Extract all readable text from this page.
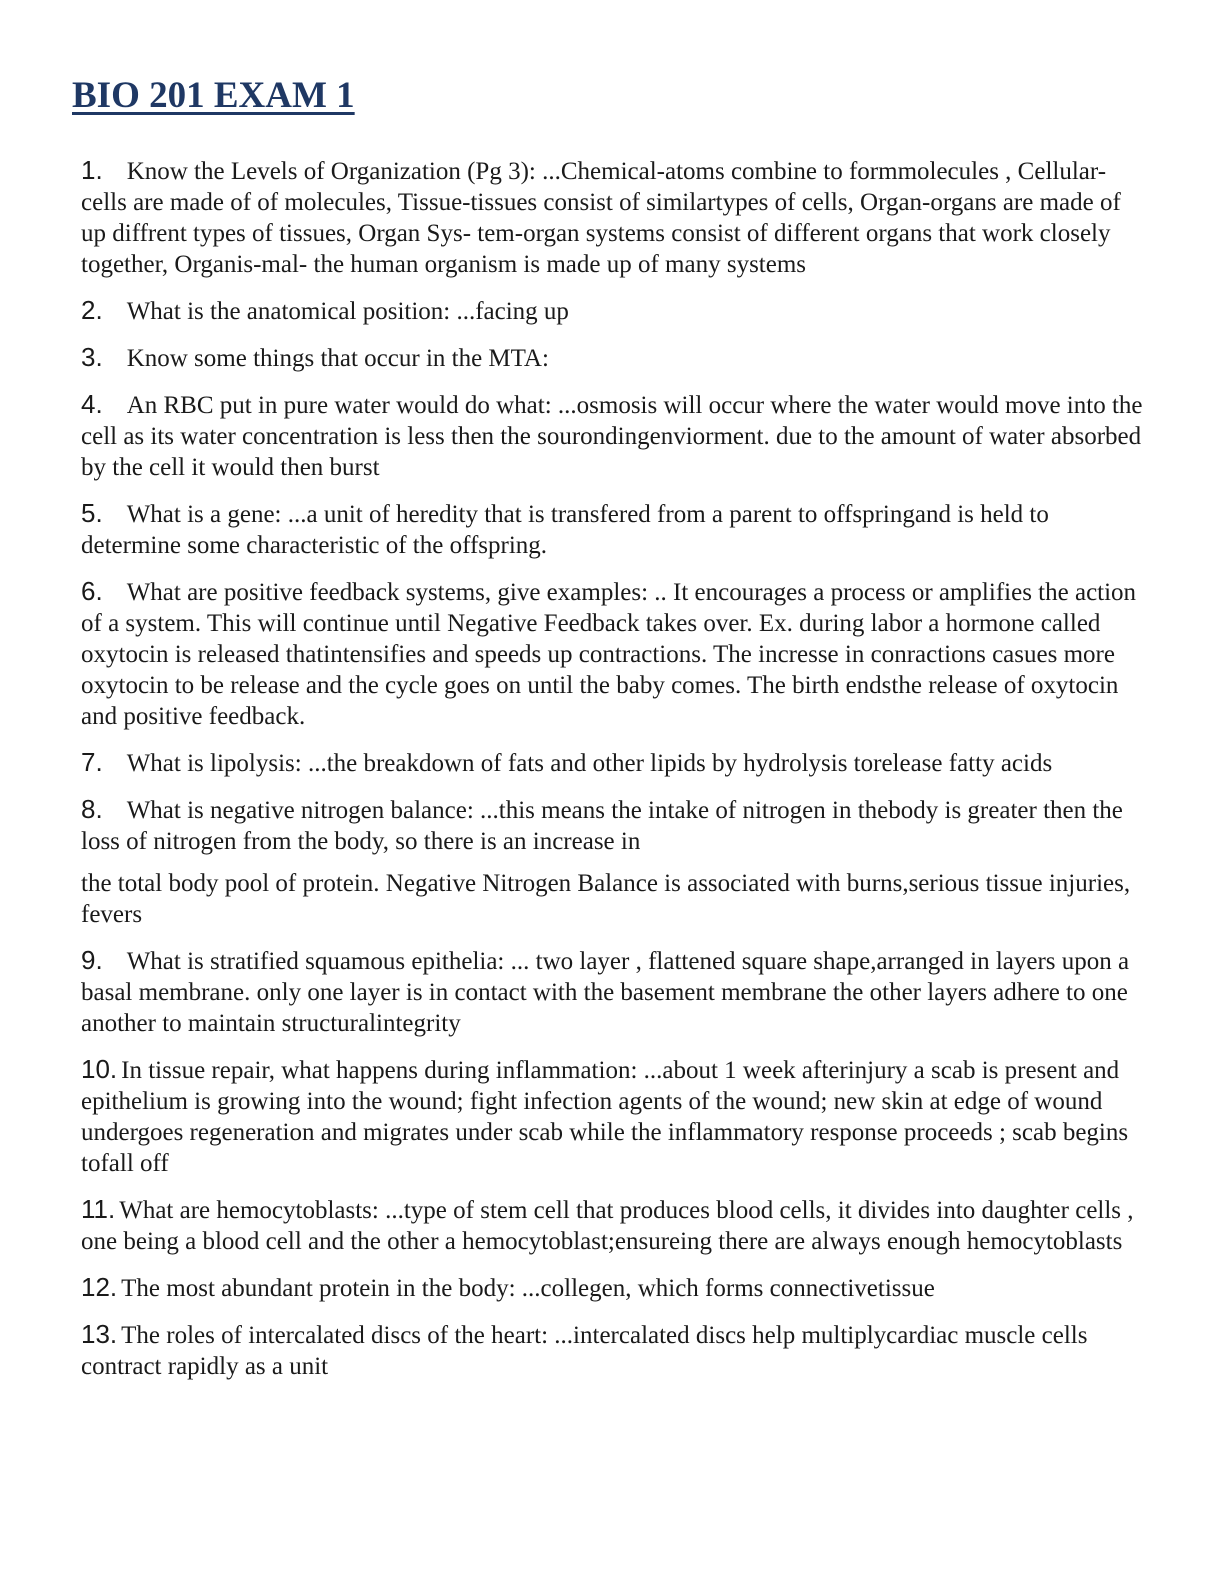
BIO 201 EXAM 1

1. Know the Levels of Organization (Pg 3): ...Chemical-atoms combine to formmolecules , Cellular-cells are made of of molecules, Tissue-tissues consist of similartypes of cells, Organ-organs are made of up diffrent types of tissues, Organ Sys- tem-organ systems consist of different organs that work closely together, Organis-mal- the human organism is made up of many systems

2. What is the anatomical position: ...facing up

3. Know some things that occur in the MTA:

4. An RBC put in pure water would do what: ...osmosis will occur where the water would move into the cell as its water concentration is less then the sourondingenviorment. due to the amount of water absorbed by the cell it would then burst

5. What is a gene: ...a unit of heredity that is transfered from a parent to offspringand is held to determine some characteristic of the offspring.

6. What are positive feedback systems, give examples: .. It encourages a process or amplifies the action of a system. This will continue until Negative Feedback takes over. Ex. during labor a hormone called oxytocin is released thatintensifies and speeds up contractions. The incresse in conractions casues more oxytocin to be release and the cycle goes on until the baby comes. The birth endsthe release of oxytocin and positive feedback.

7. What is lipolysis: ...the breakdown of fats and other lipids by hydrolysis torelease fatty acids

8. What is negative nitrogen balance: ...this means the intake of nitrogen in thebody is greater then the loss of nitrogen from the body, so there is an increase in

the total body pool of protein. Negative Nitrogen Balance is associated with burns,serious tissue injuries, fevers

9. What is stratified squamous epithelia: ... two layer , flattened square shape,arranged in layers upon a basal membrane. only one layer is in contact with the basement membrane the other layers adhere to one another to maintain structuralintegrity

10. In tissue repair, what happens during inflammation: ...about 1 week afterinjury a scab is present and epithelium is growing into the wound; fight infection agents of the wound; new skin at edge of wound undergoes regeneration and migrates under scab while the inflammatory response proceeds ; scab begins tofall off

11. What are hemocytoblasts: ...type of stem cell that produces blood cells, it divides into daughter cells , one being a blood cell and the other a hemocytoblast;ensureing there are always enough hemocytoblasts

12. The most abundant protein in the body: ...collegen, which forms connectivetissue

13. The roles of intercalated discs of the heart: ...intercalated discs help multiplycardiac muscle cells contract rapidly as a unit
